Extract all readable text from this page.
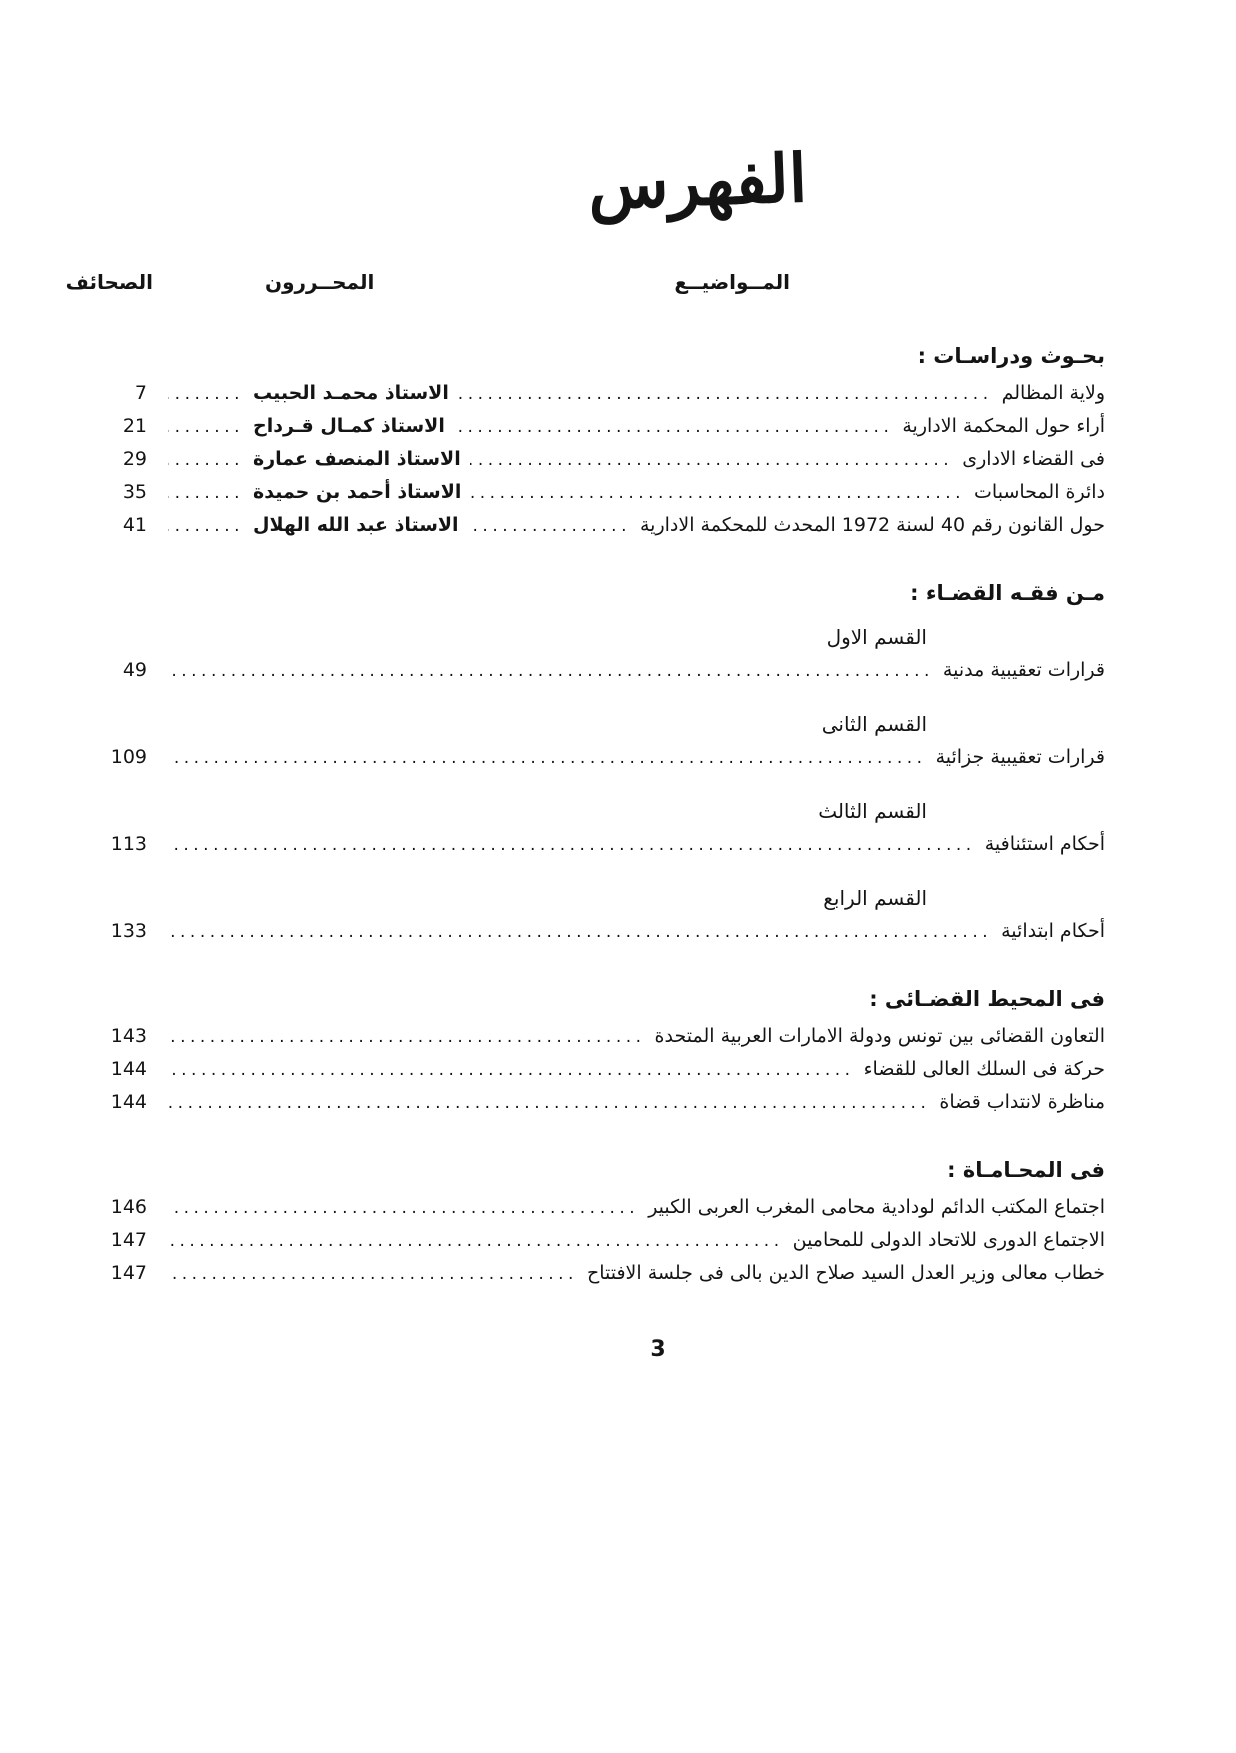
الفهرس
المــواضيــع
المحــررون
الصحائف
بحـوث ودراسـات :
ولاية المظالم
.....
الاستاذ محمـد الحبيب
.....
7
أراء حول المحكمة الادارية
.....
الاستاذ كمـال قـرداح
.....
21
فى القضاء الادارى
.....
الاستاذ المنصف عمارة
.....
29
دائرة المحاسبات
.....
الاستاذ أحمد بن حميدة
.....
35
حول القانون رقم 40 لسنة 1972 المحدث للمحكمة الادارية
.....
الاستاذ عبد الله الهلال
.....
41
مـن فقـه القضـاء :
القسم الاول
قرارات تعقيبية مدنية
.....
49
القسم الثانى
قرارات تعقيبية جزائية
.....
109
القسم الثالث
أحكام استئنافية
.....
113
القسم الرابع
أحكام ابتدائية
.....
133
فى المحيط القضـائى :
التعاون القضائى بين تونس ودولة الامارات العربية المتحدة
.....
143
حركة فى السلك العالى للقضاء
.....
144
مناظرة لانتداب قضاة
.....
144
فى المحـامـاة :
اجتماع المكتب الدائم لودادية محامى المغرب العربى الكبير
.....
146
الاجتماع الدورى للاتحاد الدولى للمحامين
.....
147
خطاب معالى وزير العدل السيد صلاح الدين بالى فى جلسة الافتتاح
.....
147
3
